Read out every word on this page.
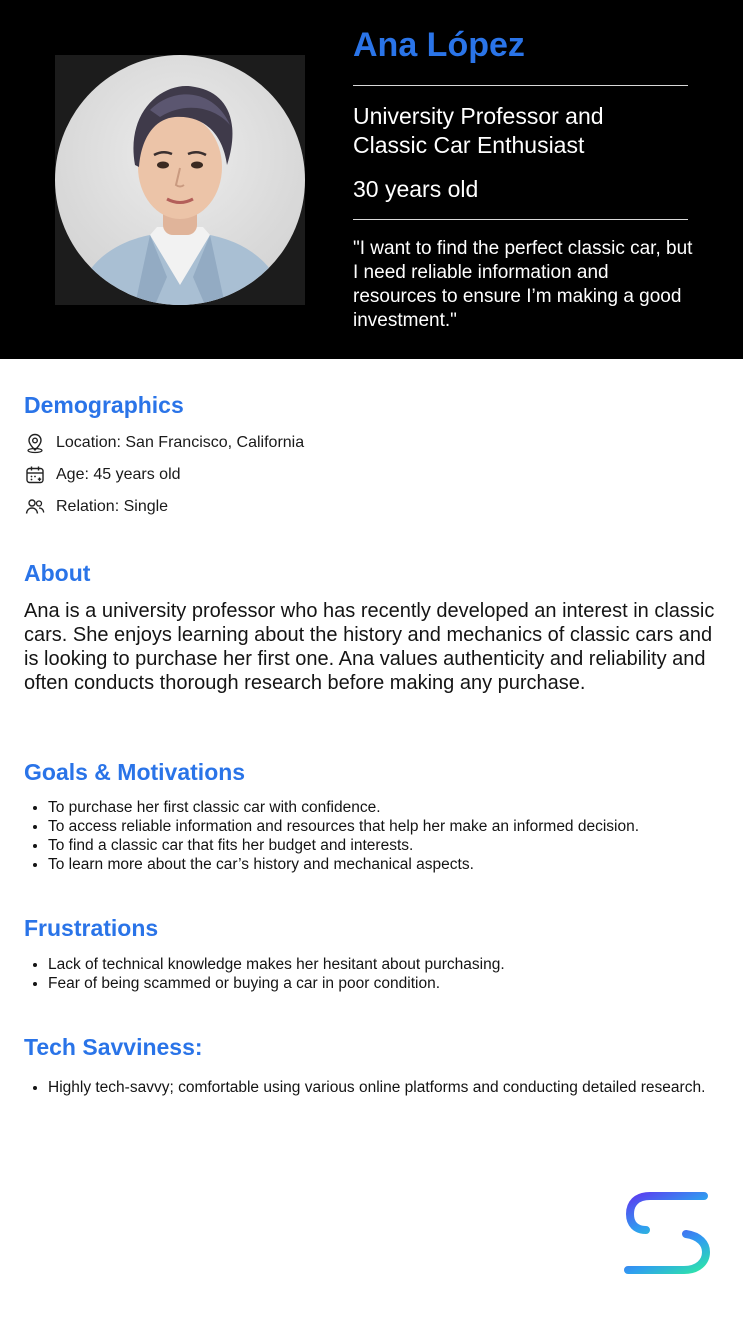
Ana López
University Professor and Classic Car Enthusiast
30 years old
"I want to find the perfect classic car, but I need reliable information and resources to ensure I’m making a good investment."
Demographics
Location: San Francisco, California
Age: 45 years old
Relation: Single
About
Ana is a university professor who has recently developed an interest in classic cars. She enjoys learning about the history and mechanics of classic cars and is looking to purchase her first one. Ana values authenticity and reliability and often conducts thorough research before making any purchase.
Goals & Motivations
• To purchase her first classic car with confidence.
• To access reliable information and resources that help her make an informed decision.
• To find a classic car that fits her budget and interests.
• To learn more about the car’s history and mechanical aspects.
Frustrations
• Lack of technical knowledge makes her hesitant about purchasing.
• Fear of being scammed or buying a car in poor condition.
Tech Savviness:
• Highly tech-savvy; comfortable using various online platforms and conducting detailed research.
